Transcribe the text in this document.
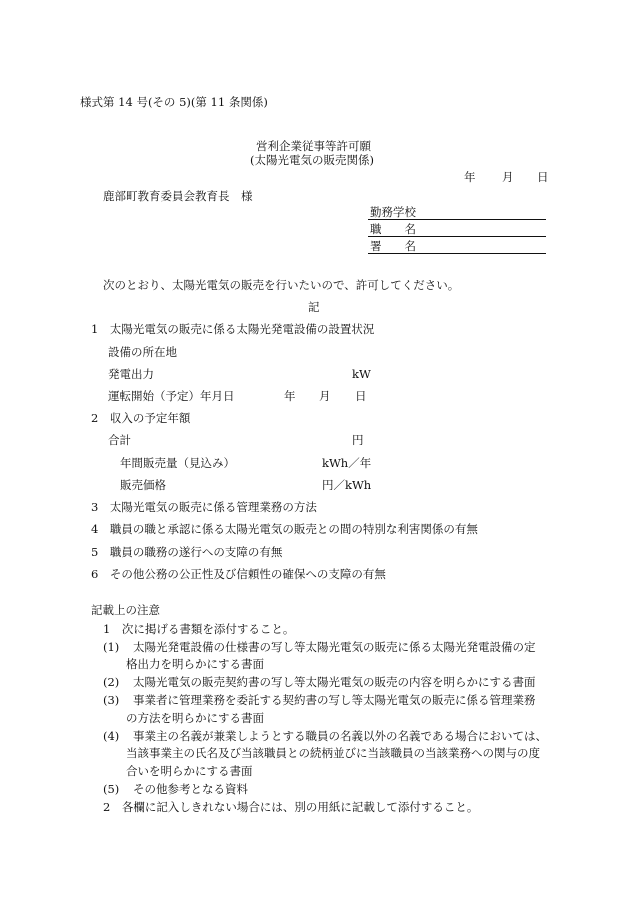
様式第 14 号(その 5)(第 11 条関係)
営利企業従事等許可願
(太陽光電気の販売関係)
年 月 日
鹿部町教育委員会教育長　様
勤務学校
職　　名
署　　名
次のとおり、太陽光電気の販売を行いたいので、許可してください。
記
1　太陽光電気の販売に係る太陽光発電設備の設置状況
設備の所在地
発電出力	kW
運転開始（予定）年月日	年 月 日
2　収入の予定年額
合計	円
年間販売量（見込み）	kWh／年
販売価格	円／kWh
3　太陽光電気の販売に係る管理業務の方法
4　職員の職と承認に係る太陽光電気の販売との間の特別な利害関係の有無
5　職員の職務の遂行への支障の有無
6　その他公務の公正性及び信頼性の確保への支障の有無
記載上の注意
1　次に掲げる書類を添付すること。
(1) 太陽光発電設備の仕様書の写し等太陽光電気の販売に係る太陽光発電設備の定
格出力を明らかにする書面
(2) 太陽光電気の販売契約書の写し等太陽光電気の販売の内容を明らかにする書面
(3) 事業者に管理業務を委託する契約書の写し等太陽光電気の販売に係る管理業務
の方法を明らかにする書面
(4) 事業主の名義が兼業しようとする職員の名義以外の名義である場合においては、
当該事業主の氏名及び当該職員との続柄並びに当該職員の当該業務への関与の度
合いを明らかにする書面
(5) その他参考となる資料
2　各欄に記入しきれない場合には、別の用紙に記載して添付すること。
